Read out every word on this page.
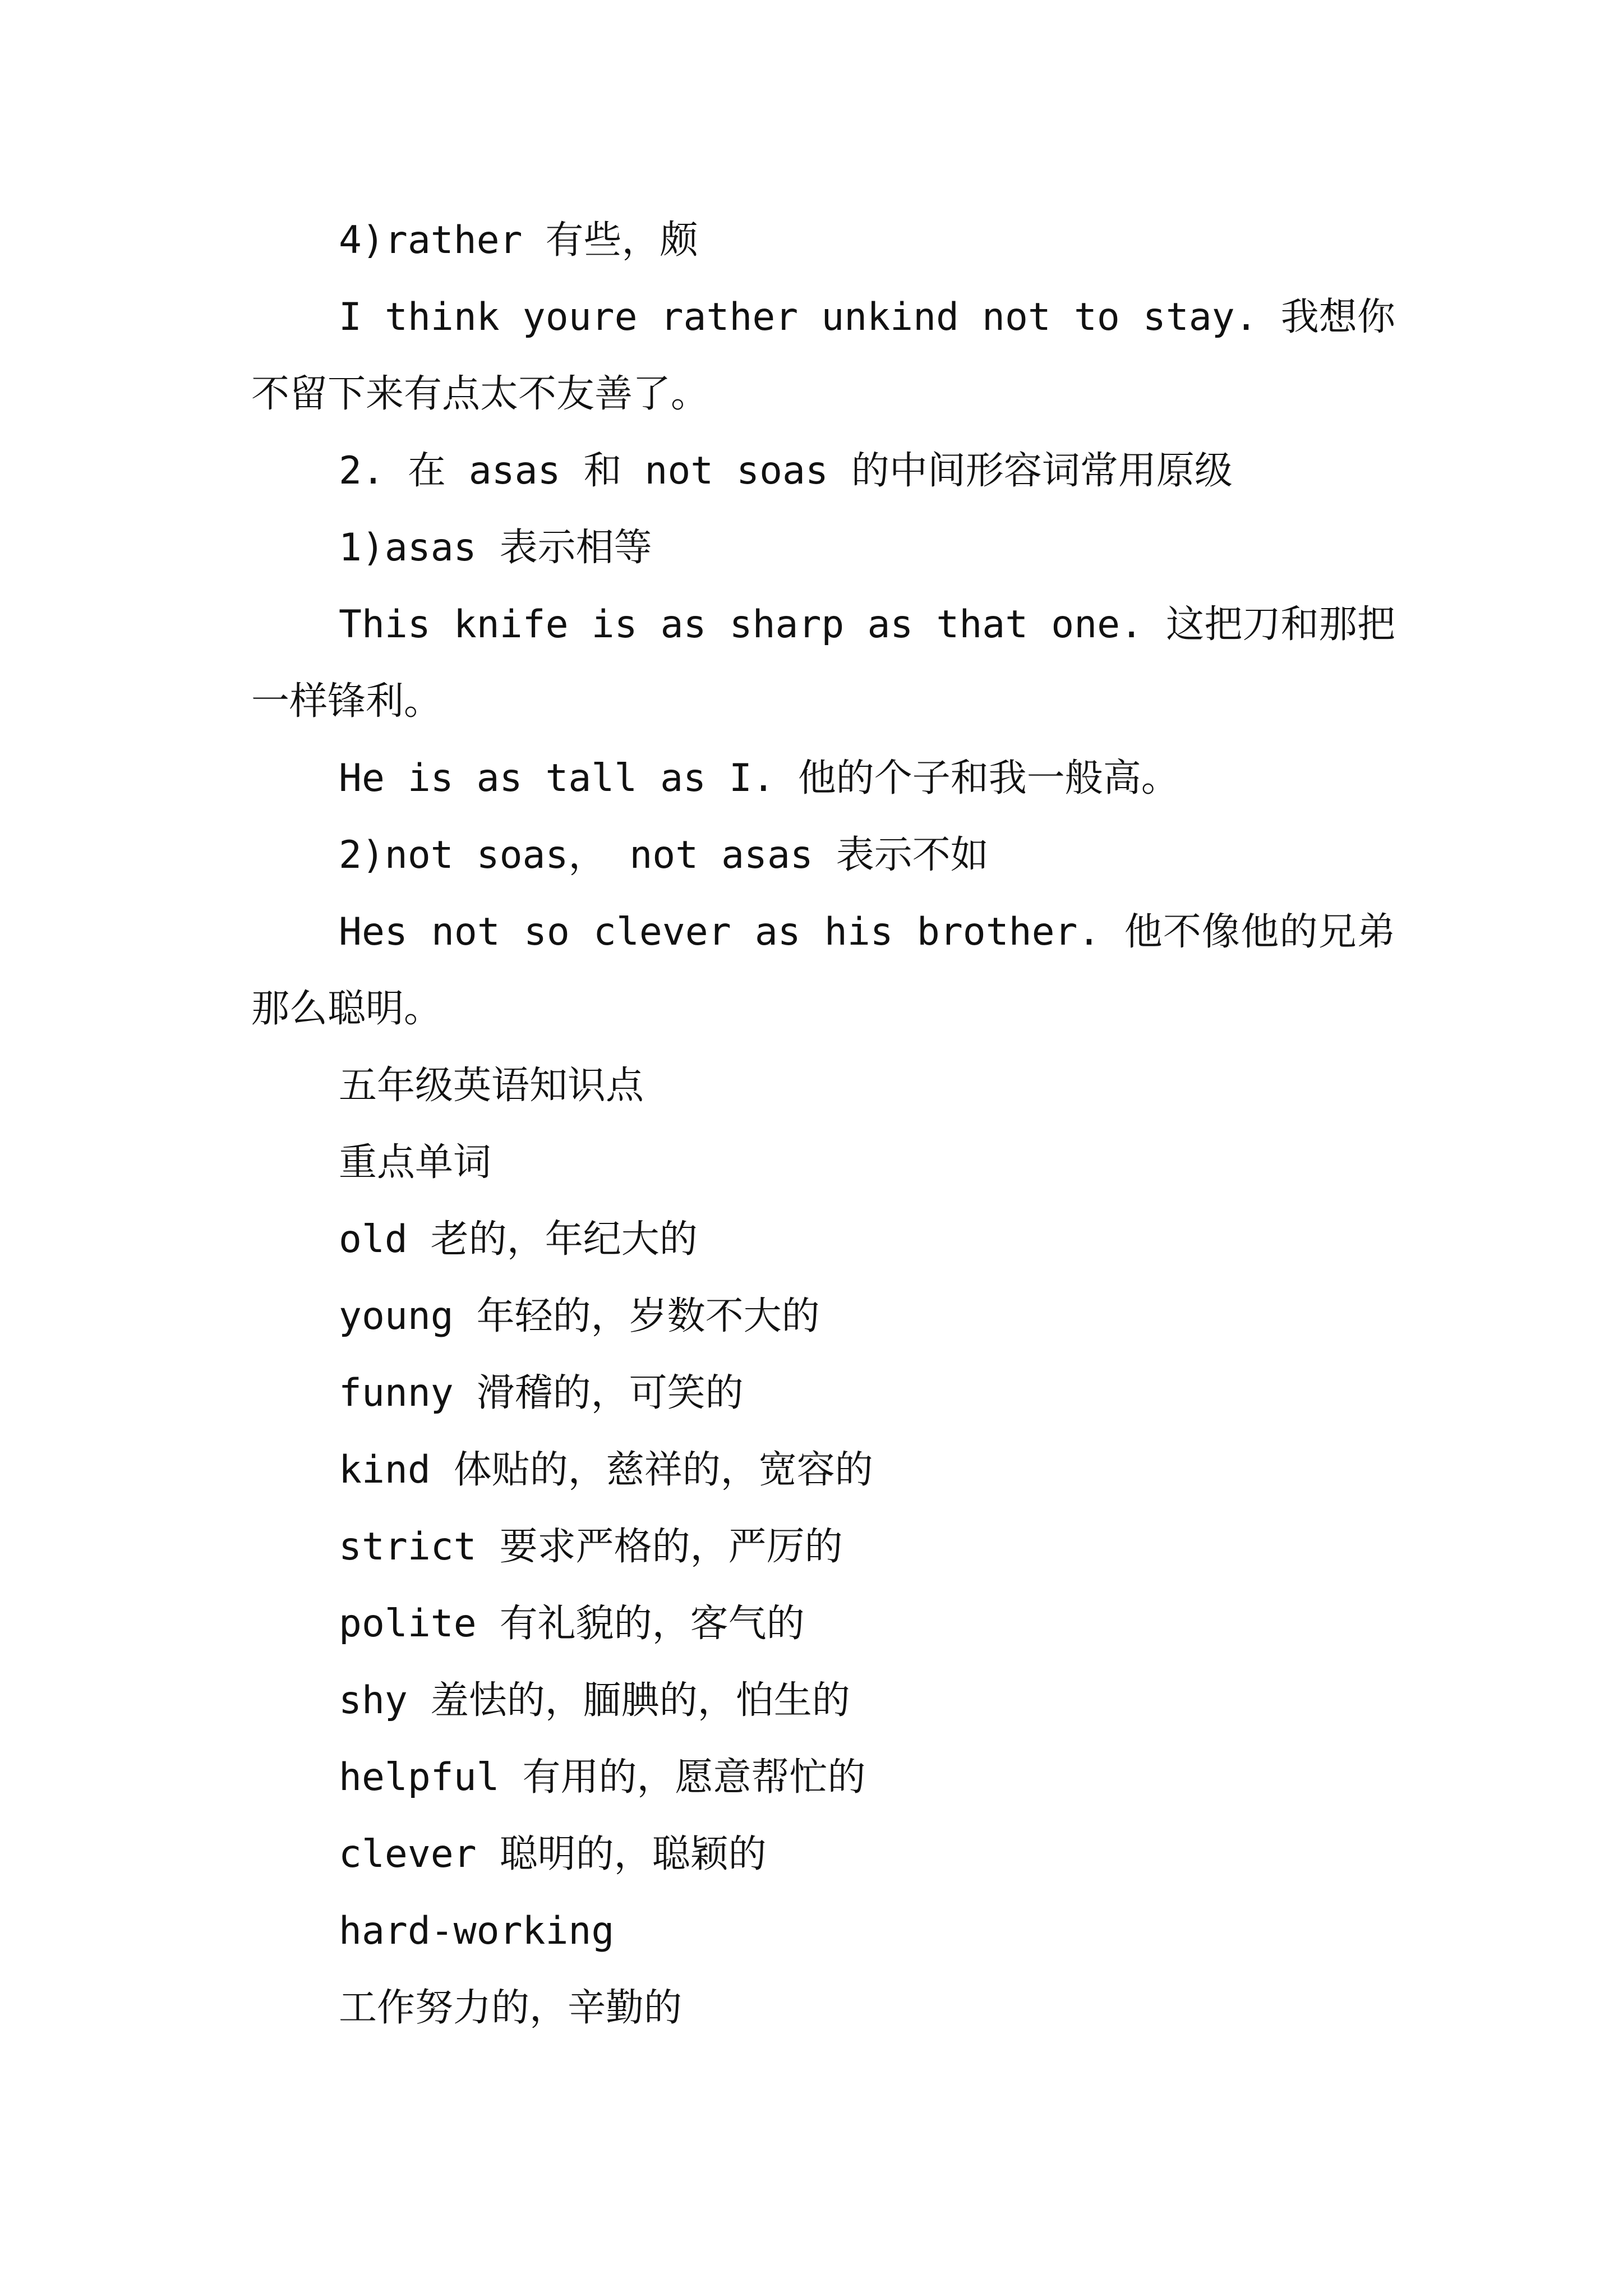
4)rather 有些，颇

I think youre rather unkind not to stay. 我想你不留下来有点太不友善了。

2. 在 asas 和 not soas 的中间形容词常用原级

1)asas 表示相等

This knife is as sharp as that one. 这把刀和那把一样锋利。

He is as tall as I. 他的个子和我一般高。

2)not soas， not asas 表示不如

Hes not so clever as his brother. 他不像他的兄弟那么聪明。

五年级英语知识点

重点单词

old 老的，年纪大的

young 年轻的，岁数不大的

funny 滑稽的，可笑的

kind 体贴的，慈祥的，宽容的

strict 要求严格的，严厉的

polite 有礼貌的，客气的

shy 羞怯的，腼腆的，怕生的

helpful 有用的，愿意帮忙的

clever 聪明的，聪颖的

hard-working

工作努力的，辛勤的
